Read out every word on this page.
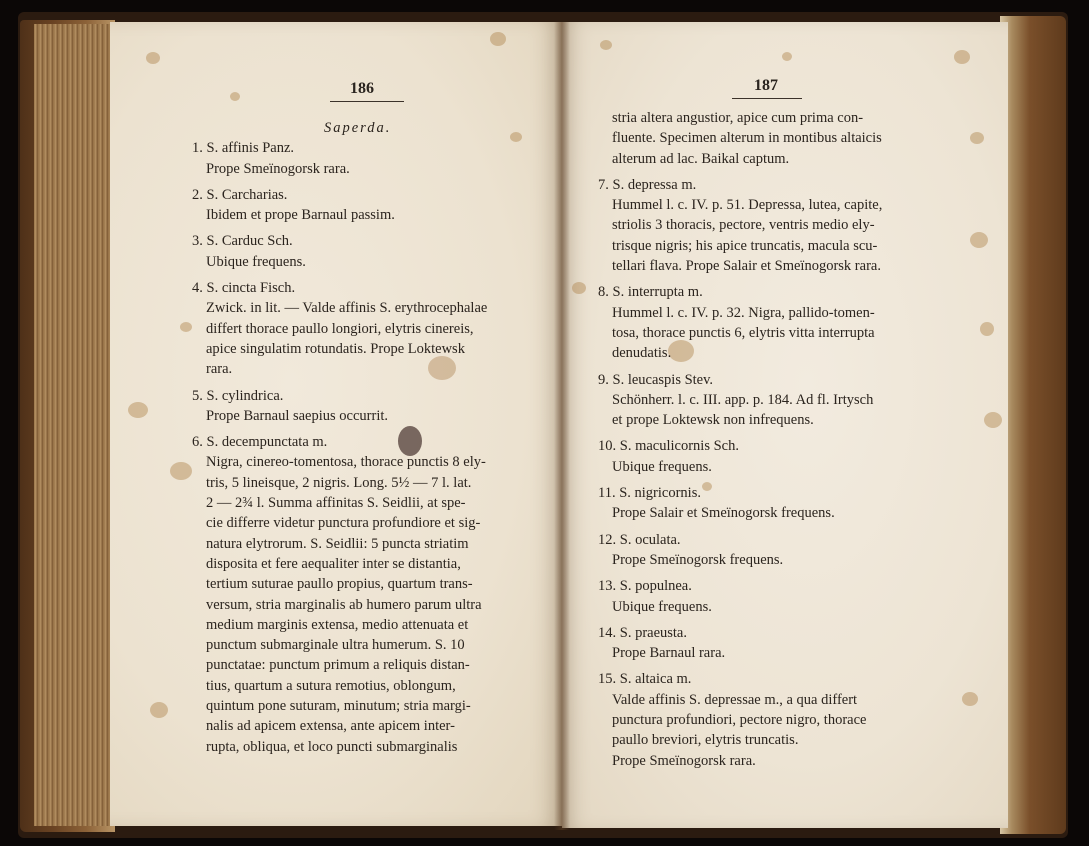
186
Saperda.
1. S. affinis Panz.
Prope Smeïnogorsk rara.
2. S. Carcharias.
Ibidem et prope Barnaul passim.
3. S. Carduc Sch.
Ubique frequens.
4. S. cincta Fisch.
Zwick. in lit. — Valde affinis S. erythrocephalae
differt thorace paullo longiori, elytris cinereis,
apice singulatim rotundatis. Prope Loktewsk
rara.
5. S. cylindrica.
Prope Barnaul saepius occurrit.
6. S. decempunctata m.
Nigra, cinereo-tomentosa, thorace punctis 8 ely-
tris, 5 lineisque, 2 nigris. Long. 5½ — 7 l. lat.
2 — 2¾ l. Summa affinitas S. Seidlii, at spe-
cie differre videtur punctura profundiore et sig-
natura elytrorum. S. Seidlii: 5 puncta striatim
disposita et fere aequaliter inter se distantia,
tertium suturae paullo propius, quartum trans-
versum, stria marginalis ab humero parum ultra
medium marginis extensa, medio attenuata et
punctum submarginale ultra humerum. S. 10
punctatae: punctum primum a reliquis distan-
tius, quartum a sutura remotius, oblongum,
quintum pone suturam, minutum; stria margi-
nalis ad apicem extensa, ante apicem inter-
rupta, obliqua, et loco puncti submarginalis
187
stria altera angustior, apice cum prima con-
fluente. Specimen alterum in montibus altaicis
alterum ad lac. Baikal captum.
7. S. depressa m.
Hummel l. c. IV. p. 51. Depressa, lutea, capite,
striolis 3 thoracis, pectore, ventris medio ely-
trisque nigris; his apice truncatis, macula scu-
tellari flava. Prope Salair et Smeïnogorsk rara.
8. S. interrupta m.
Hummel l. c. IV. p. 32. Nigra, pallido-tomen-
tosa, thorace punctis 6, elytris vitta interrupta
denudatis.
9. S. leucaspis Stev.
Schönherr. l. c. III. app. p. 184. Ad fl. Irtysch
et prope Loktewsk non infrequens.
10. S. maculicornis Sch.
Ubique frequens.
11. S. nigricornis.
Prope Salair et Smeïnogorsk frequens.
12. S. oculata.
Prope Smeïnogorsk frequens.
13. S. populnea.
Ubique frequens.
14. S. praeusta.
Prope Barnaul rara.
15. S. altaica m.
Valde affinis S. depressae m., a qua differt
punctura profundiori, pectore nigro, thorace
paullo breviori, elytris truncatis.
Prope Smeïnogorsk rara.
